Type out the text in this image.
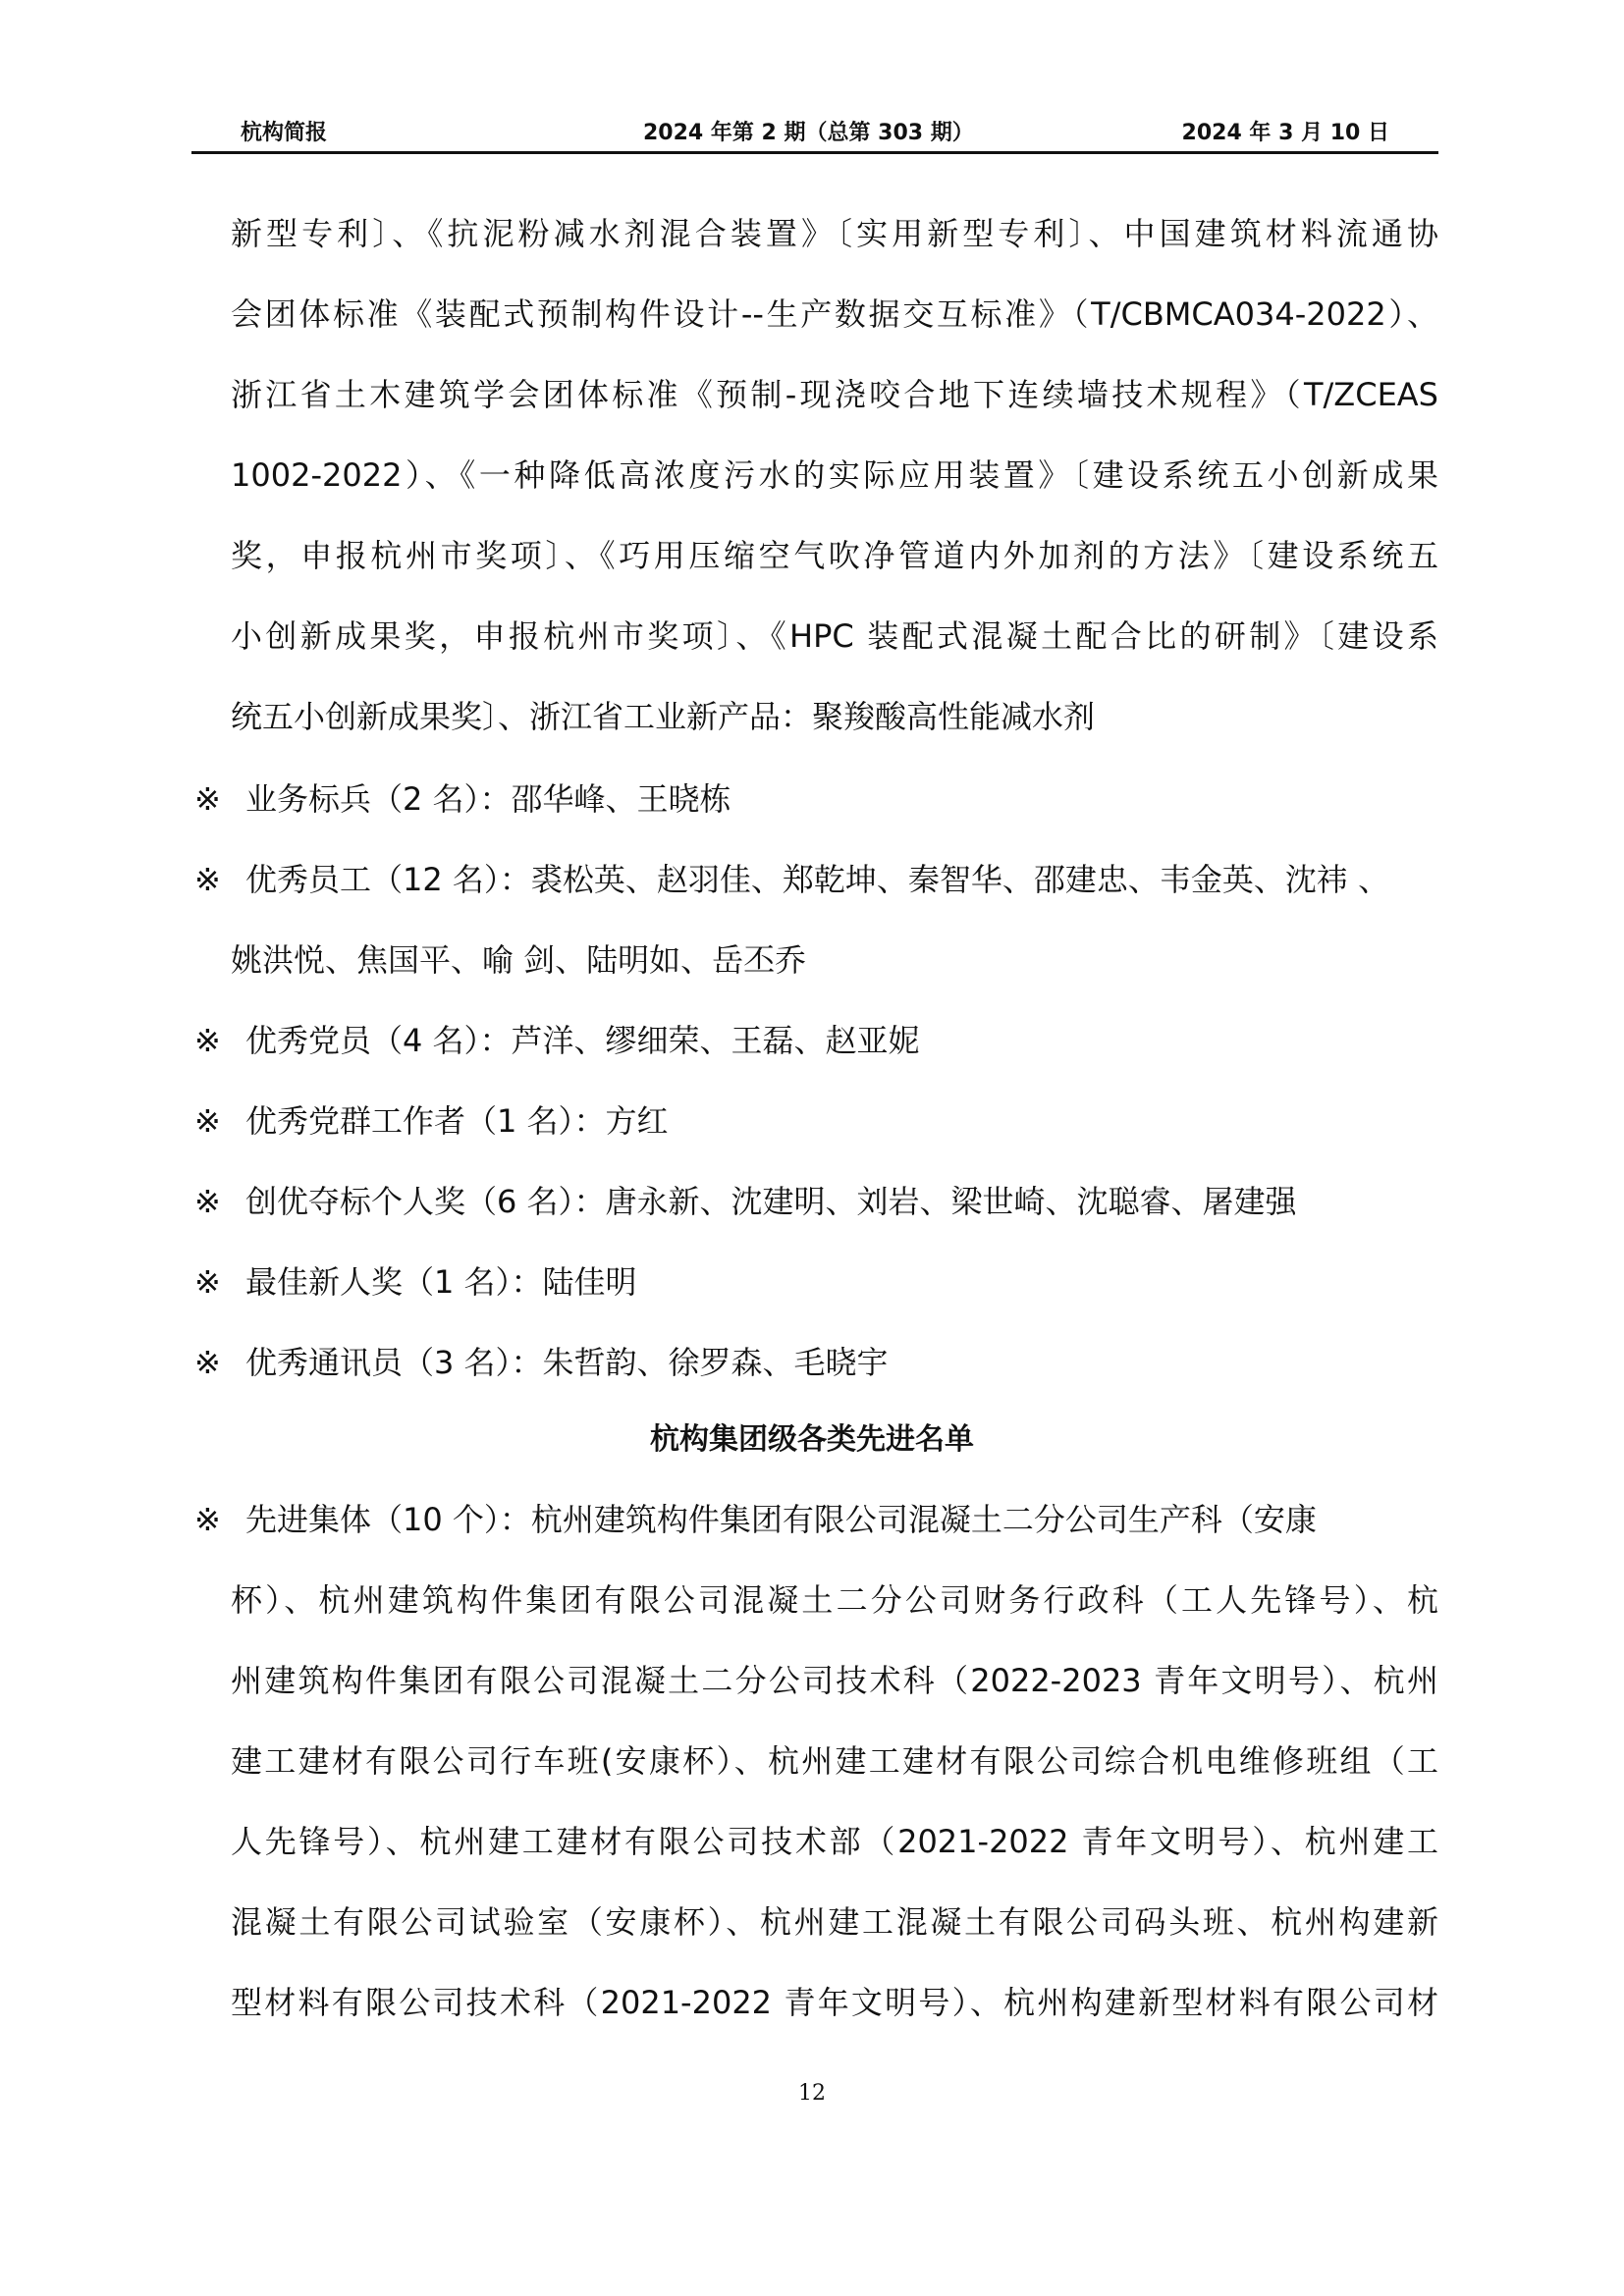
杭构简报	2024 年第 2 期（总第 303 期）	2024 年 3 月 10 日
新型专利〕、《抗泥粉减水剂混合装置》〔实用新型专利〕、中国建筑材料流通协
会团体标准《装配式预制构件设计--生产数据交互标准》（T/CBMCA034-2022）、
浙江省土木建筑学会团体标准《预制-现浇咬合地下连续墙技术规程》（T/ZCEAS
1002-2022）、《一种降低高浓度污水的实际应用装置》〔建设系统五小创新成果
奖，申报杭州市奖项〕、《巧用压缩空气吹净管道内外加剂的方法》〔建设系统五
小创新成果奖，申报杭州市奖项〕、《HPC 装配式混凝土配合比的研制》〔建设系
统五小创新成果奖〕、浙江省工业新产品：聚羧酸高性能减水剂
※ 业务标兵（2 名）：邵华峰、王晓栋
※ 优秀员工（12 名）：裘松英、赵羽佳、郑乾坤、秦智华、邵建忠、韦金英、沈祎 、
姚洪悦、焦国平、喻 剑、陆明如、岳丕乔
※ 优秀党员（4 名）：芦洋、缪细荣、王磊、赵亚妮
※ 优秀党群工作者（1 名）：方红
※ 创优夺标个人奖（6 名）：唐永新、沈建明、刘岩、梁世崎、沈聪睿、屠建强
※ 最佳新人奖（1 名）：陆佳明
※ 优秀通讯员（3 名）：朱哲韵、徐罗森、毛晓宇
杭构集团级各类先进名单
※ 先进集体（10 个）：杭州建筑构件集团有限公司混凝土二分公司生产科（安康
杯）、杭州建筑构件集团有限公司混凝土二分公司财务行政科（工人先锋号）、杭
州建筑构件集团有限公司混凝土二分公司技术科（2022-2023 青年文明号）、杭州
建工建材有限公司行车班(安康杯）、杭州建工建材有限公司综合机电维修班组（工
人先锋号）、杭州建工建材有限公司技术部（2021-2022 青年文明号）、杭州建工
混凝土有限公司试验室（安康杯）、杭州建工混凝土有限公司码头班、杭州构建新
型材料有限公司技术科（2021-2022 青年文明号）、杭州构建新型材料有限公司材
12
